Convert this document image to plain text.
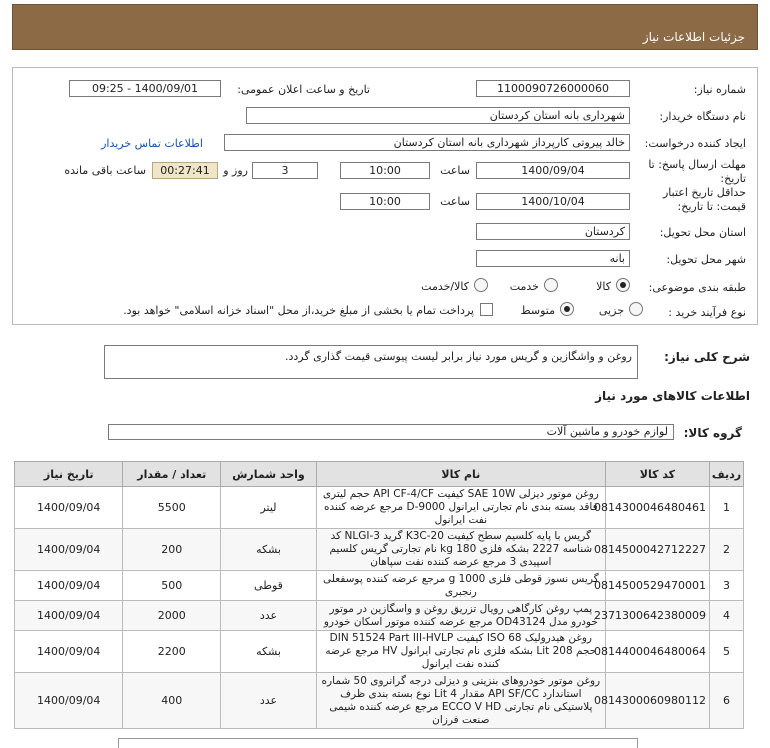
جزئیات اطلاعات نیاز
شماره نیاز:
1100090726000060
تاریخ و ساعت اعلان عمومی:
1400/09/01 - 09:25
نام دستگاه خریدار:
شهرداری بانه استان کردستان
ایجاد کننده درخواست:
خالد پیروتی کارپرداز شهرداری بانه استان کردستان
اطلاعات تماس خریدار
مهلت ارسال پاسخ: تا تاریخ:
1400/09/04
ساعت
10:00
3
روز و
00:27:41
ساعت باقی مانده
حداقل تاریخ اعتبار
قیمت: تا تاریخ:
1400/10/04
ساعت
10:00
استان محل تحویل:
کردستان
شهر محل تحویل:
بانه
طبقه بندی موضوعی:
کالا
خدمت
کالا/خدمت
نوع فرآیند خرید :
جزیی
متوسط
پرداخت تمام یا بخشی از مبلغ خرید،از محل "اسناد خزانه اسلامی" خواهد بود.
شرح کلی نیاز:
روغن و واشگازین و گریس مورد نیاز برابر لیست پیوستی قیمت گذاری گردد.
اطلاعات کالاهای مورد نیاز
گروه کالا:
لوازم خودرو و ماشین آلات
ردیف	کد کالا	نام کالا	واحد شمارش	تعداد / مقدار	تاریخ نیاز
1	0814300046480461	روغن موتور دیزلی SAE 10W کیفیت API CF-4/CF حجم لیتری فاقد بسته بندی نام تجارتی ایرانول D-9000 مرجع عرضه کننده نفت ایرانول	لیتر	5500	1400/09/04
2	0814500042712227	گریس با پایه کلسیم سطح کیفیت K3C-20 گرید NLGI-3 کد شناسه 2227 بشکه فلزی 180 kg نام تجارتی گریس کلسیم اسپیدی 3 مرجع عرضه کننده نفت سپاهان	بشکه	200	1400/09/04
3	0814500529470001	گریس نسوز قوطی فلزی 1000 g مرجع عرضه کننده پوسفعلی رنجبری	قوطی	500	1400/09/04
4	2371300642380009	پمپ روغن کارگاهی رویال تزریق روغن و واسگازین در موتور خودرو مدل OD43124 مرجع عرضه کننده موتور اسکان خودرو	عدد	2000	1400/09/04
5	0814400046480064	روغن هیدرولیک ISO 68 کیفیت DIN 51524 Part III-HVLP حجم 208 Lit بشکه فلزی نام تجارتی ایرانول HV مرجع عرضه کننده نفت ایرانول	بشکه	2200	1400/09/04
6	0814300060980112	روغن موتور خودروهای بنزینی و دیزلی درجه گرانروی 50 شماره استاندارد API SF/CC مقدار 4 Lit نوع بسته بندی ظرف پلاستیکی نام تجارتی ECCO V HD مرجع عرضه کننده شیمی صنعت فرزان	عدد	400	1400/09/04
